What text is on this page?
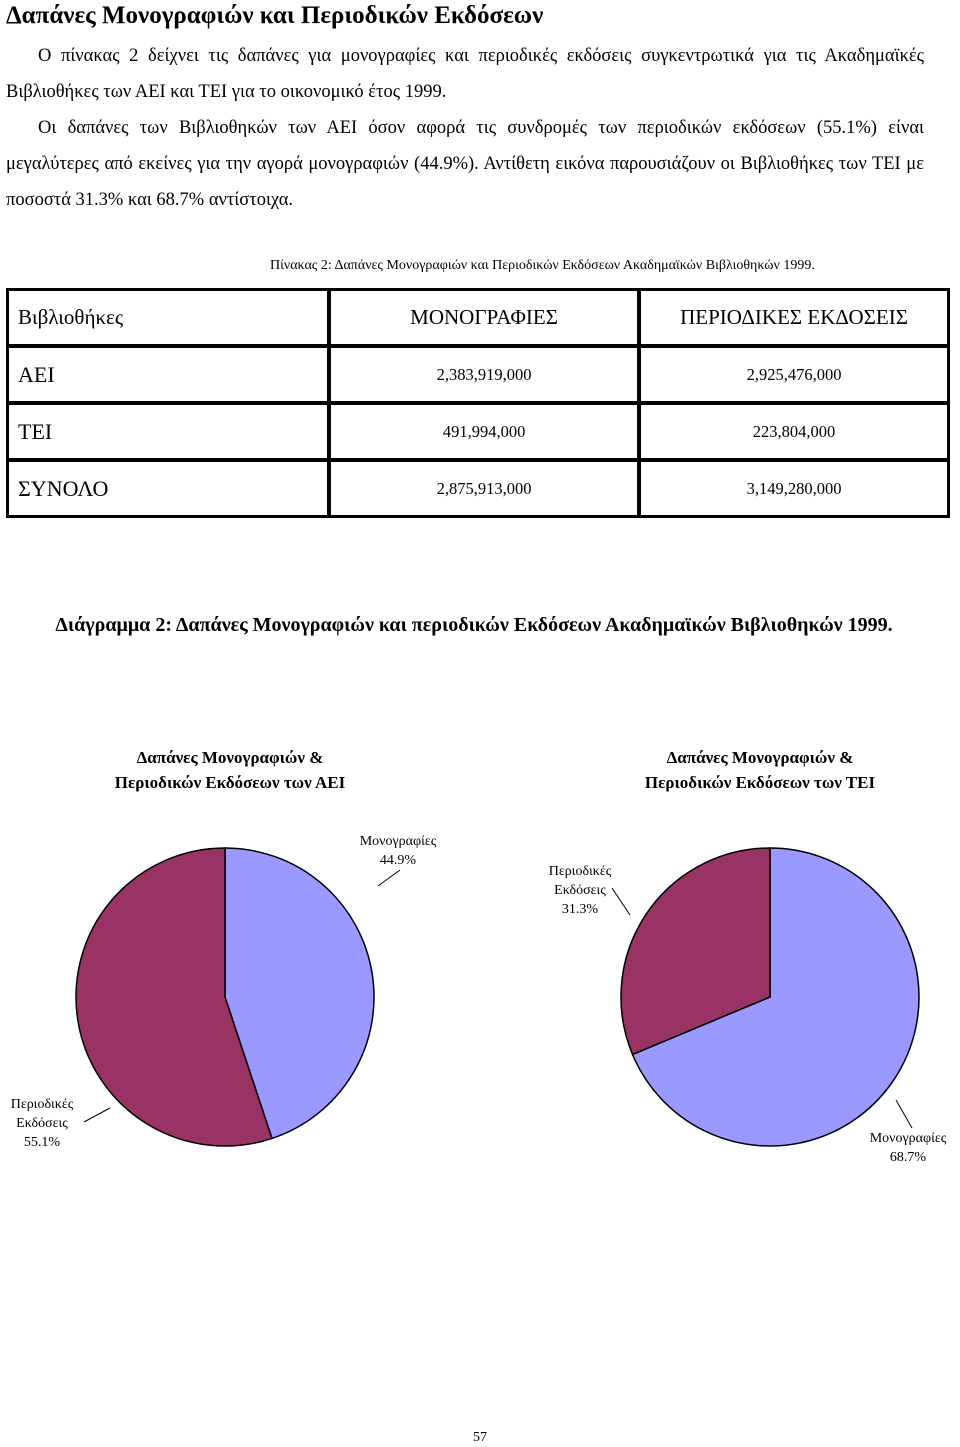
Δαπάνες Μονογραφιών και Περιοδικών Εκδόσεων

Ο πίνακας 2 δείχνει τις δαπάνες για μονογραφίες και περιοδικές εκδόσεις συγκεντρωτικά για τις Ακαδημαϊκές Βιβλιοθήκες των ΑΕΙ και ΤΕΙ για το οικονομικό έτος 1999.

Οι δαπάνες των Βιβλιοθηκών των ΑΕΙ όσον αφορά τις συνδρομές των περιοδικών εκδόσεων (55.1%) είναι μεγαλύτερες από εκείνες για την αγορά μονογραφιών (44.9%). Αντίθετη εικόνα παρουσιάζουν οι Βιβλιοθήκες των ΤΕΙ με ποσοστά 31.3% και 68.7% αντίστοιχα.

Πίνακας 2: Δαπάνες Μονογραφιών και Περιοδικών Εκδόσεων Ακαδημαϊκών Βιβλιοθηκών 1999.
Βιβλιοθήκες	ΜΟΝΟΓΡΑΦΙΕΣ	ΠΕΡΙΟΔΙΚΕΣ ΕΚΔΟΣΕΙΣ
ΑΕΙ	2,383,919,000	2,925,476,000
ΤΕΙ	491,994,000	223,804,000
ΣΥΝΟΛΟ	2,875,913,000	3,149,280,000
Διάγραμμα 2: Δαπάνες Μονογραφιών και περιοδικών Εκδόσεων Ακαδημαϊκών Βιβλιοθηκών 1999.
Δαπάνες Μονογραφιών & Περιοδικών Εκδόσεων των ΑΕΙ
Δαπάνες Μονογραφιών & Περιοδικών Εκδόσεων των ΤΕΙ
Μονογραφίες
44.9%
Περιοδικές
Εκδόσεις
55.1%
Περιοδικές
Εκδόσεις
31.3%
Μονογραφίες
68.7%
57
